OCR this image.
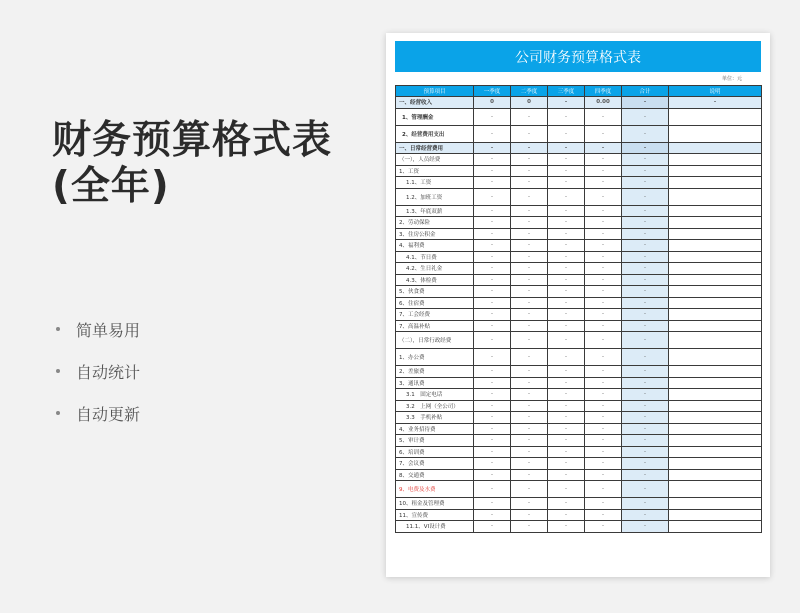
财务预算格式表
(全年)
简单易用
自动统计
自动更新
公司财务预算格式表
单位：元
预算项目	一季度	二季度	三季度	四季度	合计	说明
一、经营收入	0	0	-	0.00	-	-
1、管理酬金	-	-	-	-	-	
2、经营费用支出	-	-	-	-	-	
一、日常经营费用	-	-	-	-	-	
（一），人员经费	-	-	-	-	-	
1、工资	-	-	-	-	-	
1.1、工资	-	-	-	-	-	
1.2、加班工资	-	-	-	-	-	
1.3、年底双薪	-	-	-	-	-	
2、劳动保险	-	-	-	-	-	
3、住房公积金	-	-	-	-	-	
4、福利费	-	-	-	-	-	
4.1、节日费	-	-	-	-	-	
4.2、生日礼金	-	-	-	-	-	
4.3、体检费	-	-	-	-	-	
5、伙食费	-	-	-	-	-	
6、住宿费	-	-	-	-	-	
7、工会经费	-	-	-	-	-	
7、高温补贴	-	-	-	-	-	
（二），日常行政经费	-	-	-	-	-	
1、办公费	-	-	-	-	-	
2、差旅费	-	-	-	-	-	
3、通讯费	-	-	-	-	-	
3.1　固定电话	-	-	-	-	-	
3.2　上网（全公司）	-	-	-	-	-	
3.3　手机补贴	-	-	-	-	-	
4、业务招待费	-	-	-	-	-	
5、审计费	-	-	-	-	-	
6、培训费	-	-	-	-	-	
7、会议费	-	-	-	-	-	
8、交通费	-	-	-	-	-	
9、电费及水费	-	-	-	-	-	
10、租金及管理费	-	-	-	-	-	
11、宣传费	-	-	-	-	-	
11.1、VI设计费	-	-	-	-	-	
